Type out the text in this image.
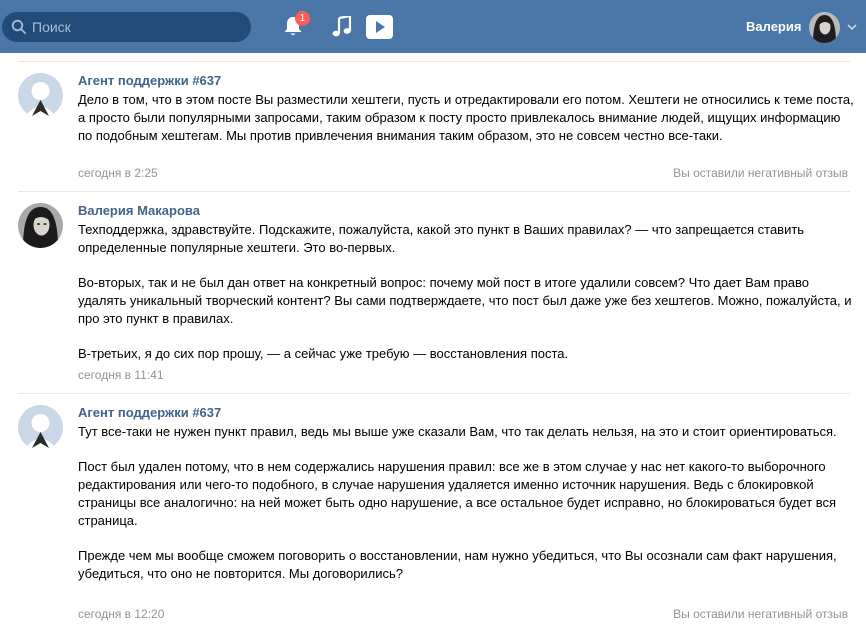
Поиск
1
Валерия
Агент поддержки #637

Дело в том, что в этом посте Вы разместили хештеги, пусть и отредактировали его потом. Хештеги не относились к теме поста, а просто были популярными запросами, таким образом к посту просто привлекалось внимание людей, ищущих информацию по подобным хештегам. Мы против привлечения внимания таким образом, это не совсем честно все-таки.

сегодня в 2:25	Вы оставили негативный отзыв
Валерия Макарова

Техподдержка, здравствуйте. Подскажите, пожалуйста, какой это пункт в Ваших правилах? — что запрещается ставить определенные популярные хештеги. Это во-первых.

Во-вторых, так и не был дан ответ на конкретный вопрос: почему мой пост в итоге удалили совсем? Что дает Вам право удалять уникальный творческий контент? Вы сами подтверждаете, что пост был даже уже без хештегов. Можно, пожалуйста, и про это пункт в правилах.

В-третьих, я до сих пор прошу, — а сейчас уже требую — восстановления поста.

сегодня в 11:41
Агент поддержки #637

Тут все-таки не нужен пункт правил, ведь мы выше уже сказали Вам, что так делать нельзя, на это и стоит ориентироваться.

Пост был удален потому, что в нем содержались нарушения правил: все же в этом случае у нас нет какого-то выборочного редактирования или чего-то подобного, в случае нарушения удаляется именно источник нарушения. Ведь с блокировкой страницы все аналогично: на ней может быть одно нарушение, а все остальное будет исправно, но блокироваться будет вся страница.

Прежде чем мы вообще сможем поговорить о восстановлении, нам нужно убедиться, что Вы осознали сам факт нарушения, убедиться, что оно не повторится. Мы договорились?

сегодня в 12:20	Вы оставили негативный отзыв
